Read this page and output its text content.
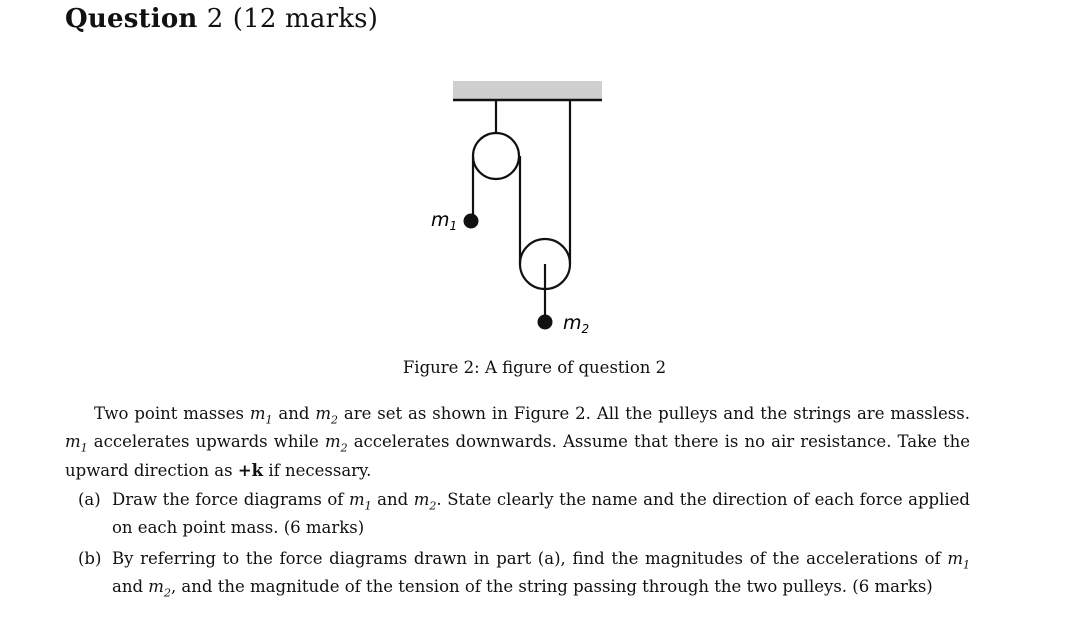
Question 2 (12 marks)
$m_1$
$m_2$
Figure 2: A figure of question 2
Two point masses $m_1$ and $m_2$ are set as shown in Figure 2. All the pulleys and the strings are massless. $m_1$ accelerates upwards while $m_2$ accelerates downwards. Assume that there is no air resistance. Take the upward direction as +k if necessary.
(a) Draw the force diagrams of $m_1$ and $m_2$. State clearly the name and the direction of each force applied on each point mass. (6 marks)
(b) By referring to the force diagrams drawn in part (a), find the magnitudes of the accelerations of $m_1$ and $m_2$, and the magnitude of the tension of the string passing through the two pulleys. (6 marks)
